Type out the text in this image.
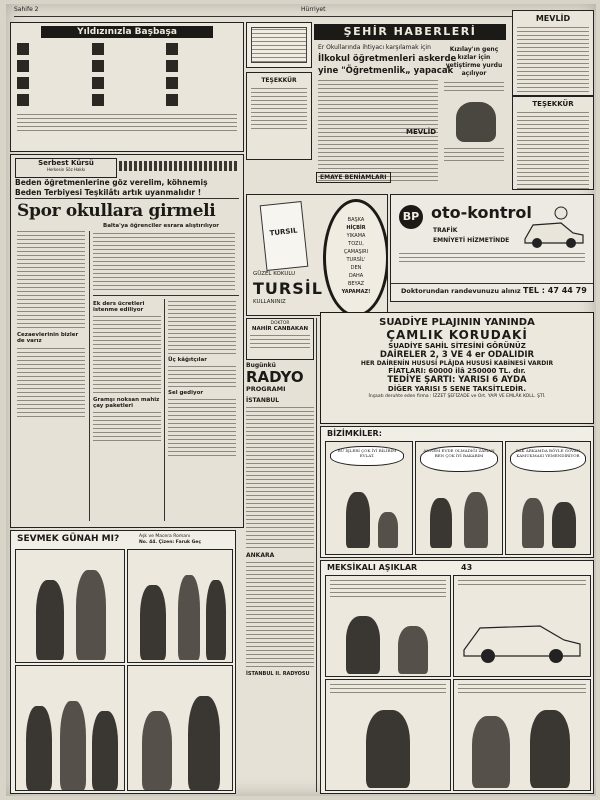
Sahife 2	Hürriyet
Yıldızınızla Başbaşa
Serbest Kürsü
Herkesin Söz Hakkı
Beden öğretmenlerine göz verelim, köhnemiş
Beden Terbiyesi Teşkilâtı artık uyanmalıdır !
Spor okullara girmeli
Balta'ya öğrenciler esrara alıştırılıyor
Cezaevlerinin bizler de varız
Ek ders ücretleri istenme ediliyor
Gramşı noksan mahiz çay paketleri
Üç kâğıtçılar
Sel gediyor
SEVMEK GÜNAH MI?	Aşk ve Macera Romanı
No. 44. Çizen: Faruk Geç
ŞEHİR HABERLERİ
Er Okullarında ihtiyacı karşılamak için
İlkokul öğretmenleri askerde
yine "Öğretmenlik„ yapacak
TEŞEKKÜR
Kızılay'ın genç kızlar için yetiştirme yurdu açılıyor
EMAYE BENİAMLARI
MEVLİD
MEVLİD
TEŞEKKÜR
TURSIL
GÜZEL KOKULU
TURSİL
KULLANINIZ
BAŞKA
HİÇBİR
YIKAMA
TOZU,
ÇAMAŞIRI
TURSİL'
DEN
DAHA
BEYAZ
YAPAMAZ!
BP oto-kontrol
TRAFİK
EMNİYETİ HİZMETİNDE
Doktorundan randevunuzu alınız TEL : 47 44 79
DOKTOR
NAHİR CANBAKAN
Bugünkü
RADYO
PROGRAMI
İSTANBUL
ANKARA
İSTANBUL II. RADYOSU
SUADİYE PLAJININ YANINDA
ÇAMLIK KORUDAKİ
SUADİYE SAHİL SİTESİNİ GÖRÜNÜZ
DAİRELER 2, 3 VE 4 er ODALIDIR
HER DAİRENİN HUSUSİ PLÂJDA HUSUSİ KABİNESİ VARDIR
FİATLARI: 60000 ilâ 250000 TL. dır.
TEDİYE ŞARTI: YARISI 6 AYDA
DİĞER YARISI 5 SENE TAKSİTLEDİR.
İnşaatı deruhte eden firma : İZZET ŞEFİZADE ve Ort. YAPI VE EMLÂK KOLL. ŞTİ.
BİZİMKİLER:
BU İŞLERİ ÇOK İYİ BİLİRİM EVLAT.
ANNEM EVDE OLMADIĞI ZAMAN BEN ÇOK İYİ BAKARIM
BAK ARKAMDA BÖYLE GOVAN KAMUKMASI YEMENDİRİYOR
MEKSİKALI AŞIKLAR	43
